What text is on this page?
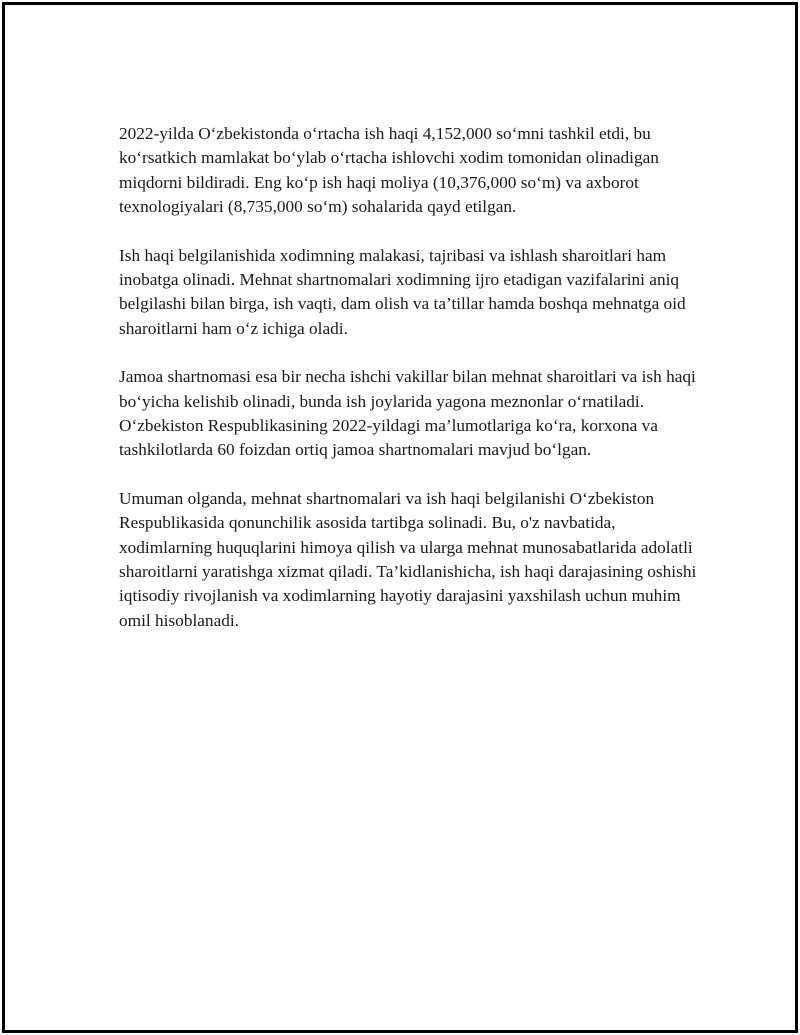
2022-yilda O‘zbekistonda o‘rtacha ish haqi 4,152,000 so‘mni tashkil etdi, bu ko‘rsatkich mamlakat bo‘ylab o‘rtacha ishlovchi xodim tomonidan olinadigan miqdorni bildiradi. Eng ko‘p ish haqi moliya (10,376,000 so‘m) va axborot texnologiyalari (8,735,000 so‘m) sohalarida qayd etilgan.

Ish haqi belgilanishida xodimning malakasi, tajribasi va ishlash sharoitlari ham inobatga olinadi. Mehnat shartnomalari xodimning ijro etadigan vazifalarini aniq belgilashi bilan birga, ish vaqti, dam olish va ta’tillar hamda boshqa mehnatga oid sharoitlarni ham o‘z ichiga oladi.

Jamoa shartnomasi esa bir necha ishchi vakillar bilan mehnat sharoitlari va ish haqi bo‘yicha kelishib olinadi, bunda ish joylarida yagona meznonlar o‘rnatiladi. O‘zbekiston Respublikasining 2022-yildagi ma’lumotlariga ko‘ra, korxona va tashkilotlarda 60 foizdan ortiq jamoa shartnomalari mavjud bo‘lgan.

Umuman olganda, mehnat shartnomalari va ish haqi belgilanishi O‘zbekiston Respublikasida qonunchilik asosida tartibga solinadi. Bu, o'z navbatida, xodimlarning huquqlarini himoya qilish va ularga mehnat munosabatlarida adolatli sharoitlarni yaratishga xizmat qiladi. Ta’kidlanishicha, ish haqi darajasining oshishi iqtisodiy rivojlanish va xodimlarning hayotiy darajasini yaxshilash uchun muhim omil hisoblanadi.
